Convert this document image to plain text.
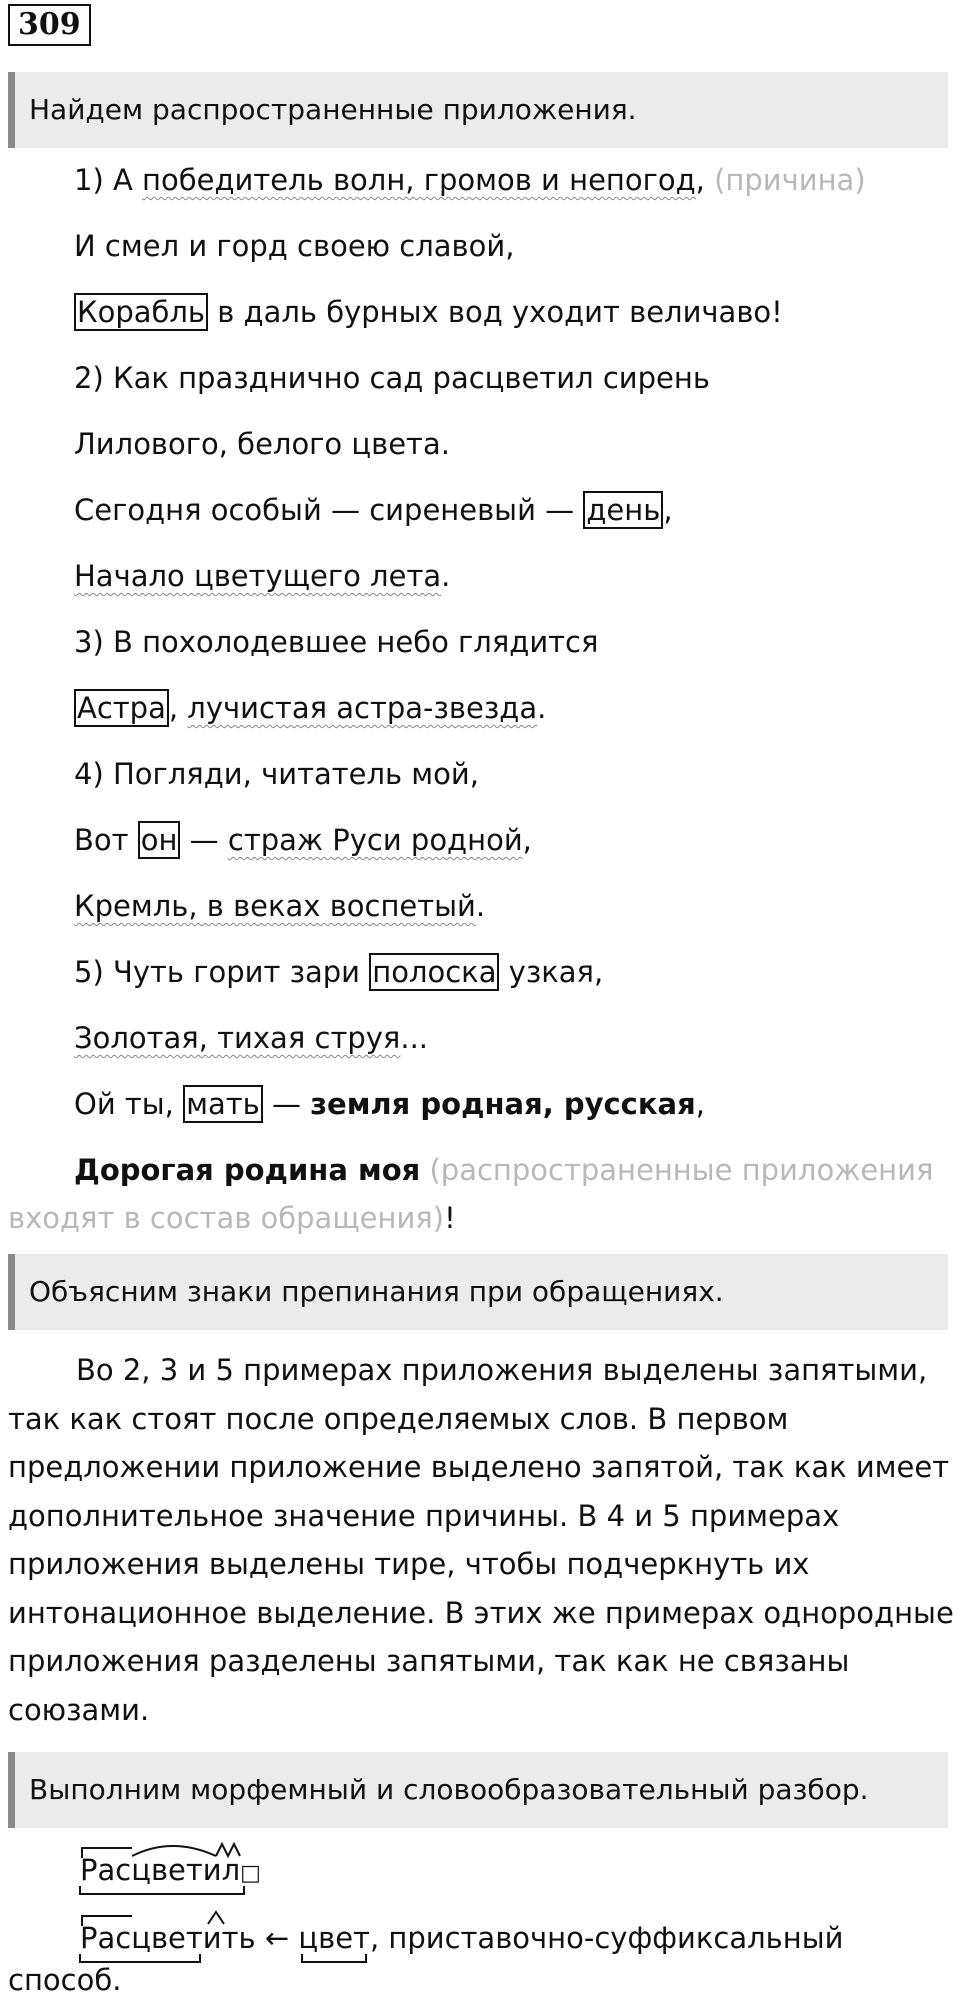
309
Найдем распространенные приложения.
1) А победитель волн, громов и непогод, (причина)
И смел и горд своею славой,
Корабль в даль бурных вод уходит величаво!
2) Как празднично сад расцветил сирень
Лилового, белого цвета.
Сегодня особый — сиреневый — день ,
Начало цветущего лета.
3) В похолодевшее небо глядится
Астра , лучистая астра-звезда.
4) Погляди, читатель мой,
Вот он — страж Руси родной,
Кремль, в веках воспетый.
5) Чуть горит зари полоска узкая,
Золотая, тихая струя...
Ой ты, мать — земля родная, русская,
Дорогая родина моя (распространенные приложения
входят в состав обращения)!
Объясним знаки препинания при обращениях.
Во 2, 3 и 5 примерах приложения выделены запятыми, так как стоят после определяемых слов. В первом предложении приложение выделено запятой, так как имеет дополнительное значение причины. В 4 и 5 примерах приложения выделены тире, чтобы подчеркнуть их интонационное выделение. В этих же примерах однородные приложения разделены запятыми, так как не связаны союзами.
Выполним морфемный и словообразовательный разбор.
Расцветил□
Расцветить ← цвет, приставочно-суффиксальный
способ.
